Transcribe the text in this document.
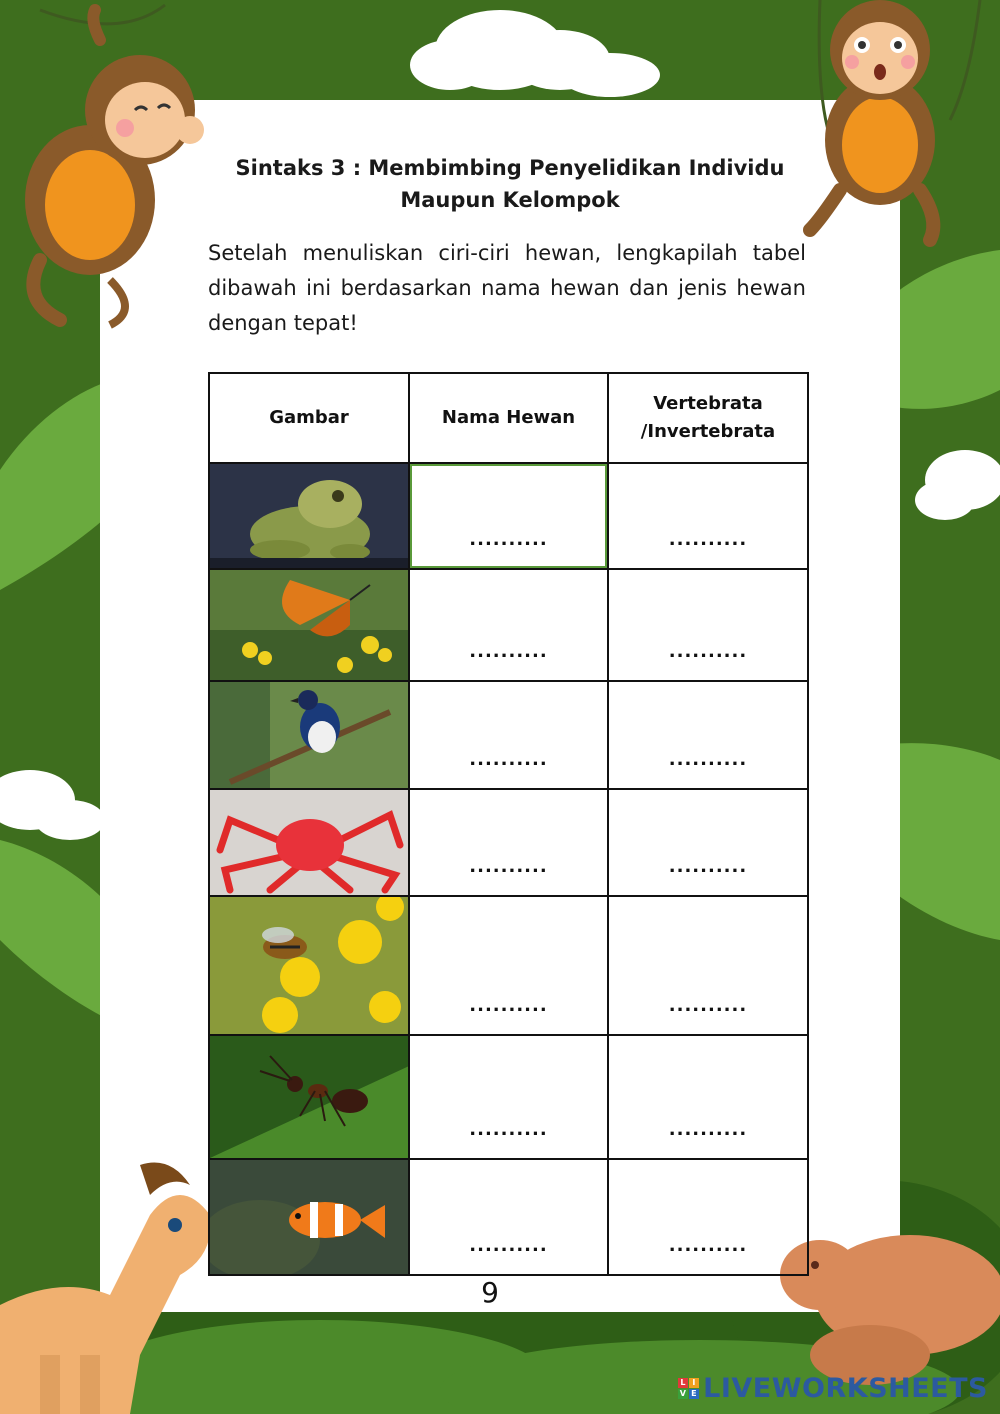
Sintaks 3 : Membimbing Penyelidikan Individu
Maupun Kelompok
Setelah menuliskan ciri-ciri hewan, lengkapilah tabel dibawah ini berdasarkan nama hewan dan jenis hewan dengan tepat!
Gambar	Nama Hewan	Vertebrata
/Invertebrata

	..........	..........

	..........	..........

	..........	..........

	..........	..........

	..........	..........

	..........	..........

	..........	..........
9
L I
V E LIVEWORKSHEETS
